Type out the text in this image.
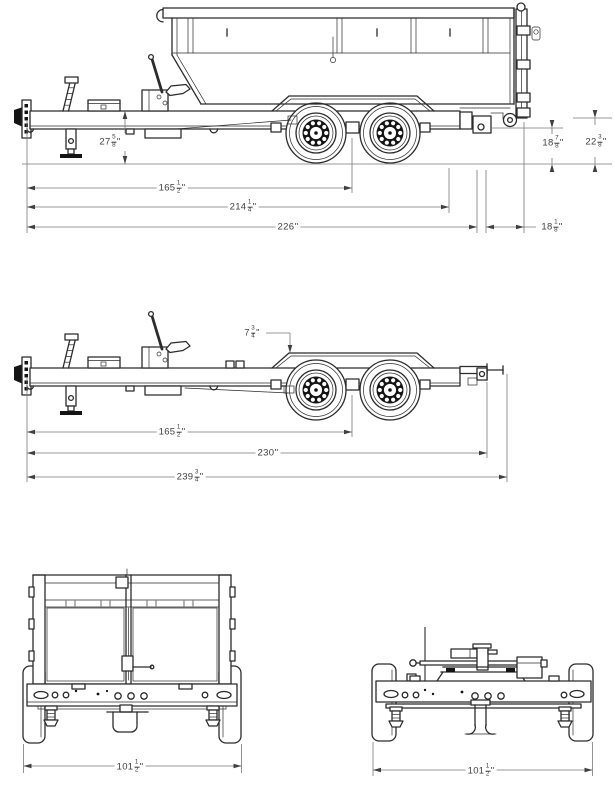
$27 \frac{5}{8}$ "
$165 \frac{1}{2}$ "
$214 \frac{1}{4}$ "
226 "
$18 \frac{7}{8}$ " $22 \frac{3}{8}$ "
$18 \frac{1}{8}$ "
$7 \frac{3}{4}$ "
$165 \frac{1}{2}$ "
230 "
$239 \frac{3}{4}$ "
$101 \frac{1}{2}$ "	$101 \frac{1}{2}$ "
